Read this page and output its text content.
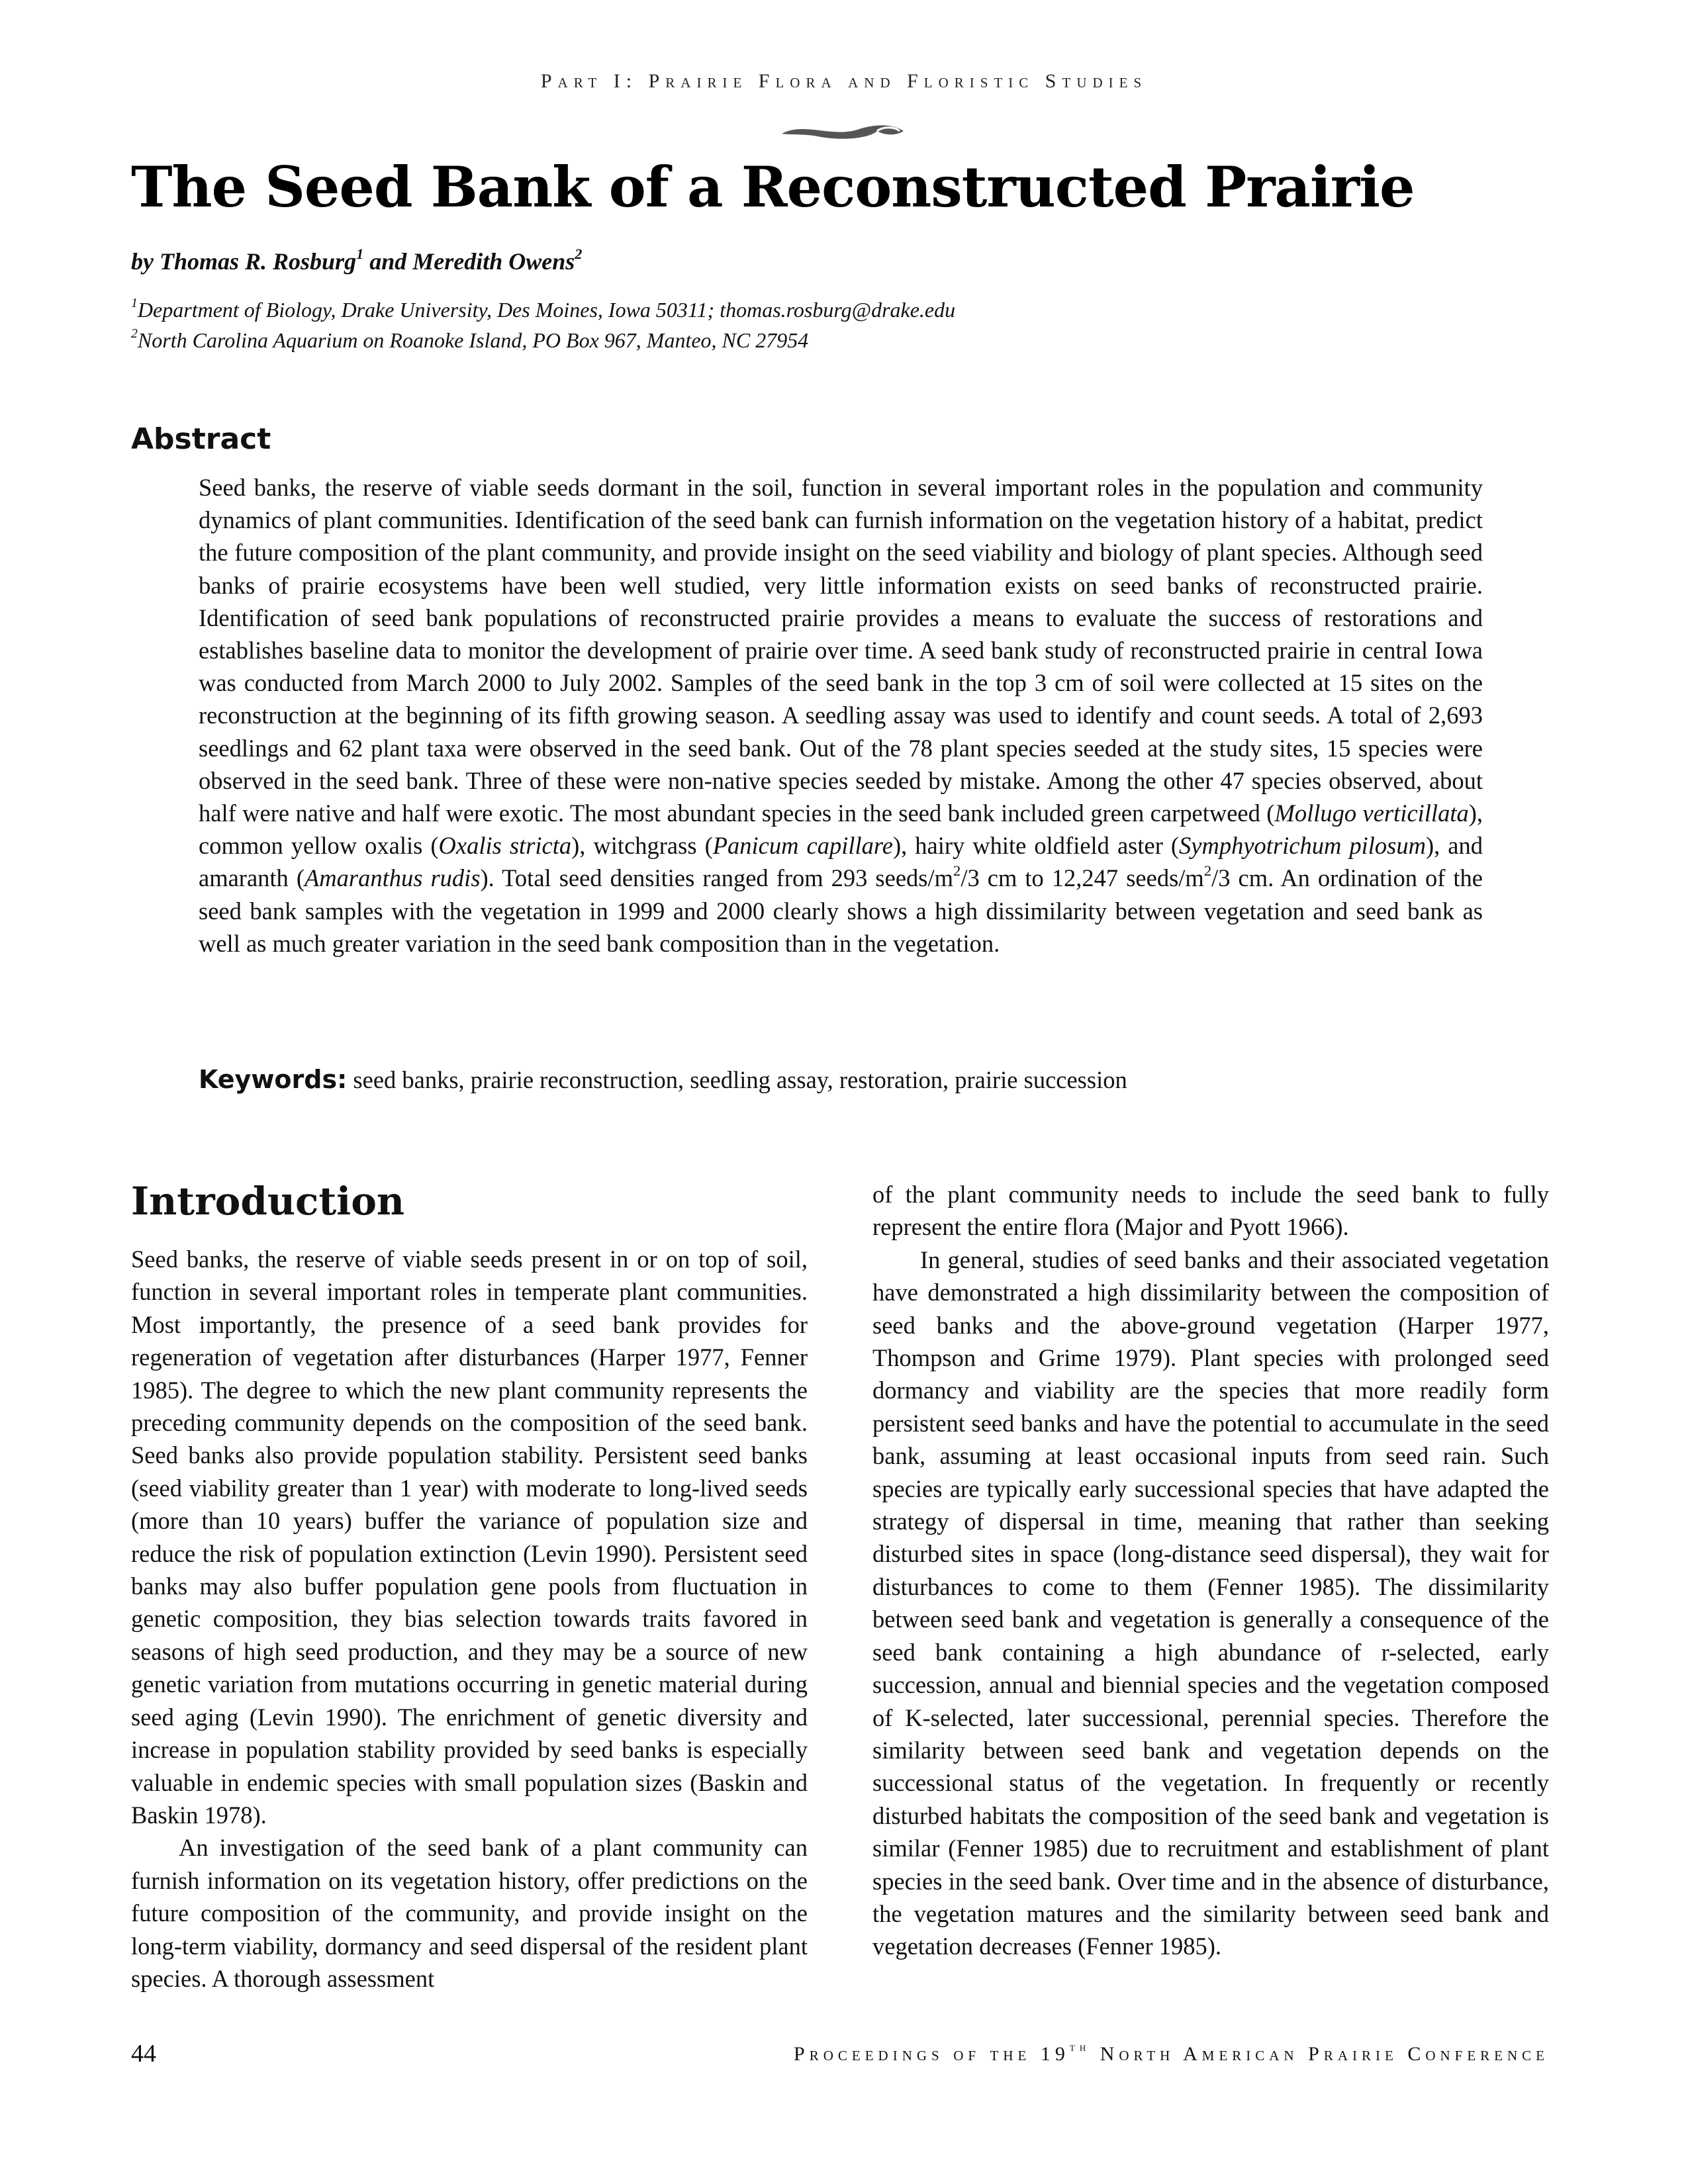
Part I: Prairie Flora and Floristic Studies
The Seed Bank of a Reconstructed Prairie
by Thomas R. Rosburg$^1$ and Meredith Owens$^2$
$^1$Department of Biology, Drake University, Des Moines, Iowa 50311; thomas.rosburg@drake.edu
$^2$North Carolina Aquarium on Roanoke Island, PO Box 967, Manteo, NC 27954
Abstract

Seed banks, the reserve of viable seeds dormant in the soil, function in several important roles in the population and community dynamics of plant communities. Identification of the seed bank can furnish information on the vegetation history of a habitat, predict the future composition of the plant community, and provide insight on the seed viability and biology of plant species. Although seed banks of prairie ecosystems have been well studied, very little information exists on seed banks of reconstructed prairie. Identification of seed bank populations of reconstructed prairie provides a means to evaluate the success of restorations and establishes baseline data to monitor the development of prairie over time. A seed bank study of reconstructed prairie in central Iowa was conducted from March 2000 to July 2002. Samples of the seed bank in the top 3 cm of soil were collected at 15 sites on the reconstruction at the beginning of its fifth growing season. A seedling assay was used to identify and count seeds. A total of 2,693 seedlings and 62 plant taxa were observed in the seed bank. Out of the 78 plant species seeded at the study sites, 15 species were observed in the seed bank. Three of these were non-native species seeded by mistake. Among the other 47 species observed, about half were native and half were exotic. The most abundant species in the seed bank included green carpetweed (Mollugo verticillata), common yellow oxalis (Oxalis stricta), witchgrass (Panicum capillare), hairy white oldfield aster (Symphyotrichum pilosum), and amaranth (Amaranthus rudis). Total seed densities ranged from 293 seeds/$m^2/3$ cm to 12,247 seeds/$m^2/3$ cm. An ordination of the seed bank samples with the vegetation in 1999 and 2000 clearly shows a high dissimilarity between vegetation and seed bank as well as much greater variation in the seed bank composition than in the vegetation.

Keywords: seed banks, prairie reconstruction, seedling assay, restoration, prairie succession
Introduction

Seed banks, the reserve of viable seeds present in or on top of soil, function in several important roles in temperate plant communities. Most importantly, the presence of a seed bank provides for regeneration of vegetation after disturbances (Harper 1977, Fenner 1985). The degree to which the new plant community represents the preceding community depends on the composition of the seed bank. Seed banks also provide population stability. Persistent seed banks (seed viability greater than 1 year) with moderate to long-lived seeds (more than 10 years) buffer the variance of population size and reduce the risk of population extinction (Levin 1990). Persistent seed banks may also buffer population gene pools from fluctuation in genetic composition, they bias selection towards traits favored in seasons of high seed production, and they may be a source of new genetic variation from mutations occurring in genetic material during seed aging (Levin 1990). The enrichment of genetic diversity and increase in population stability provided by seed banks is especially valuable in endemic species with small population sizes (Baskin and Baskin 1978).

An investigation of the seed bank of a plant community can furnish information on its vegetation history, offer predictions on the future composition of the community, and provide insight on the long-term viability, dormancy and seed dispersal of the resident plant species. A thorough assessment

of the plant community needs to include the seed bank to fully represent the entire flora (Major and Pyott 1966).

In general, studies of seed banks and their associated vegetation have demonstrated a high dissimilarity between the composition of seed banks and the above-ground vegetation (Harper 1977, Thompson and Grime 1979). Plant species with prolonged seed dormancy and viability are the species that more readily form persistent seed banks and have the potential to accumulate in the seed bank, assuming at least occasional inputs from seed rain. Such species are typically early successional species that have adapted the strategy of dispersal in time, meaning that rather than seeking disturbed sites in space (long-distance seed dispersal), they wait for disturbances to come to them (Fenner 1985). The dissimilarity between seed bank and vegetation is generally a consequence of the seed bank containing a high abundance of r-selected, early succession, annual and biennial species and the vegetation composed of K-selected, later successional, perennial species. Therefore the similarity between seed bank and vegetation depends on the successional status of the vegetation. In frequently or recently disturbed habitats the composition of the seed bank and vegetation is similar (Fenner 1985) due to recruitment and establishment of plant species in the seed bank. Over time and in the absence of disturbance, the vegetation matures and the similarity between seed bank and vegetation decreases (Fenner 1985).

44	Proceedings of the 19th North American Prairie Conference
